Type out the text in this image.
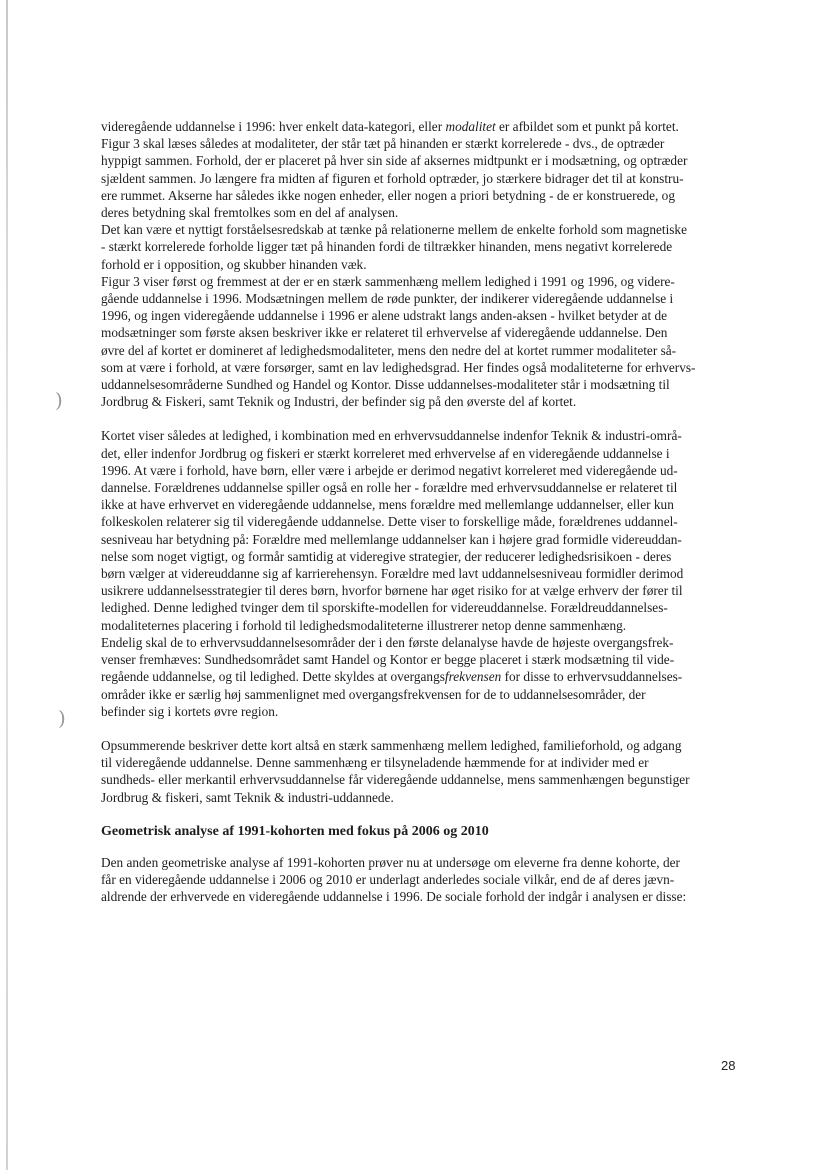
)
)

videregående uddannelse i 1996: hver enkelt data-kategori, eller modalitet er afbildet som et punkt på kortet.
Figur 3 skal læses således at modaliteter, der står tæt på hinanden er stærkt korrelerede - dvs., de optræder
hyppigt sammen. Forhold, der er placeret på hver sin side af aksernes midtpunkt er i modsætning, og optræder
sjældent sammen. Jo længere fra midten af figuren et forhold optræder, jo stærkere bidrager det til at konstru-
ere rummet. Akserne har således ikke nogen enheder, eller nogen a priori betydning - de er konstruerede, og
deres betydning skal fremtolkes som en del af analysen.

Det kan være et nyttigt forståelsesredskab at tænke på relationerne mellem de enkelte forhold som magnetiske
- stærkt korrelerede forholde ligger tæt på hinanden fordi de tiltrækker hinanden, mens negativt korrelerede
forhold er i opposition, og skubber hinanden væk.

Figur 3 viser først og fremmest at der er en stærk sammenhæng mellem ledighed i 1991 og 1996, og videre-
gående uddannelse i 1996. Modsætningen mellem de røde punkter, der indikerer videregående uddannelse i
1996, og ingen videregående uddannelse i 1996 er alene udstrakt langs anden-aksen - hvilket betyder at de
modsætninger som første aksen beskriver ikke er relateret til erhvervelse af videregående uddannelse. Den
øvre del af kortet er domineret af ledighedsmodaliteter, mens den nedre del at kortet rummer modaliteter så-
som at være i forhold, at være forsørger, samt en lav ledighedsgrad. Her findes også modaliteterne for erhvervs-
uddannelsesområderne Sundhed og Handel og Kontor. Disse uddannelses-modaliteter står i modsætning til
Jordbrug & Fiskeri, samt Teknik og Industri, der befinder sig på den øverste del af kortet.

Kortet viser således at ledighed, i kombination med en erhvervsuddannelse indenfor Teknik & industri-områ-
det, eller indenfor Jordbrug og fiskeri er stærkt korreleret med erhvervelse af en videregående uddannelse i
1996. At være i forhold, have børn, eller være i arbejde er derimod negativt korreleret med videregående ud-
dannelse. Forældrenes uddannelse spiller også en rolle her - forældre med erhvervsuddannelse er relateret til
ikke at have erhvervet en videregående uddannelse, mens forældre med mellemlange uddannelser, eller kun
folkeskolen relaterer sig til videregående uddannelse. Dette viser to forskellige måde, forældrenes uddannel-
sesniveau har betydning på: Forældre med mellemlange uddannelser kan i højere grad formidle videreuddan-
nelse som noget vigtigt, og formår samtidig at videregive strategier, der reducerer ledighedsrisikoen - deres
børn vælger at videreuddanne sig af karrierehensyn. Forældre med lavt uddannelsesniveau formidler derimod
usikrere uddannelsesstrategier til deres børn, hvorfor børnene har øget risiko for at vælge erhverv der fører til
ledighed. Denne ledighed tvinger dem til sporskifte-modellen for videreuddannelse. Forældreuddannelses-
modaliteternes placering i forhold til ledighedsmodaliteterne illustrerer netop denne sammenhæng.

Endelig skal de to erhvervsuddannelsesområder der i den første delanalyse havde de højeste overgangsfrek-
venser fremhæves: Sundhedsområdet samt Handel og Kontor er begge placeret i stærk modsætning til vide-
regående uddannelse, og til ledighed. Dette skyldes at overgangsfrekvensen for disse to erhvervsuddannelses-
områder ikke er særlig høj sammenlignet med overgangsfrekvensen for de to uddannelsesområder, der
befinder sig i kortets øvre region.

Opsummerende beskriver dette kort altså en stærk sammenhæng mellem ledighed, familieforhold, og adgang
til videregående uddannelse. Denne sammenhæng er tilsyneladende hæmmende for at individer med er
sundheds- eller merkantil erhvervsuddannelse får videregående uddannelse, mens sammenhængen begunstiger
Jordbrug & fiskeri, samt Teknik & industri-uddannede.

Geometrisk analyse af 1991-kohorten med fokus på 2006 og 2010

Den anden geometriske analyse af 1991-kohorten prøver nu at undersøge om eleverne fra denne kohorte, der
får en videregående uddannelse i 2006 og 2010 er underlagt anderledes sociale vilkår, end de af deres jævn-
aldrende der erhvervede en videregående uddannelse i 1996. De sociale forhold der indgår i analysen er disse:

28
